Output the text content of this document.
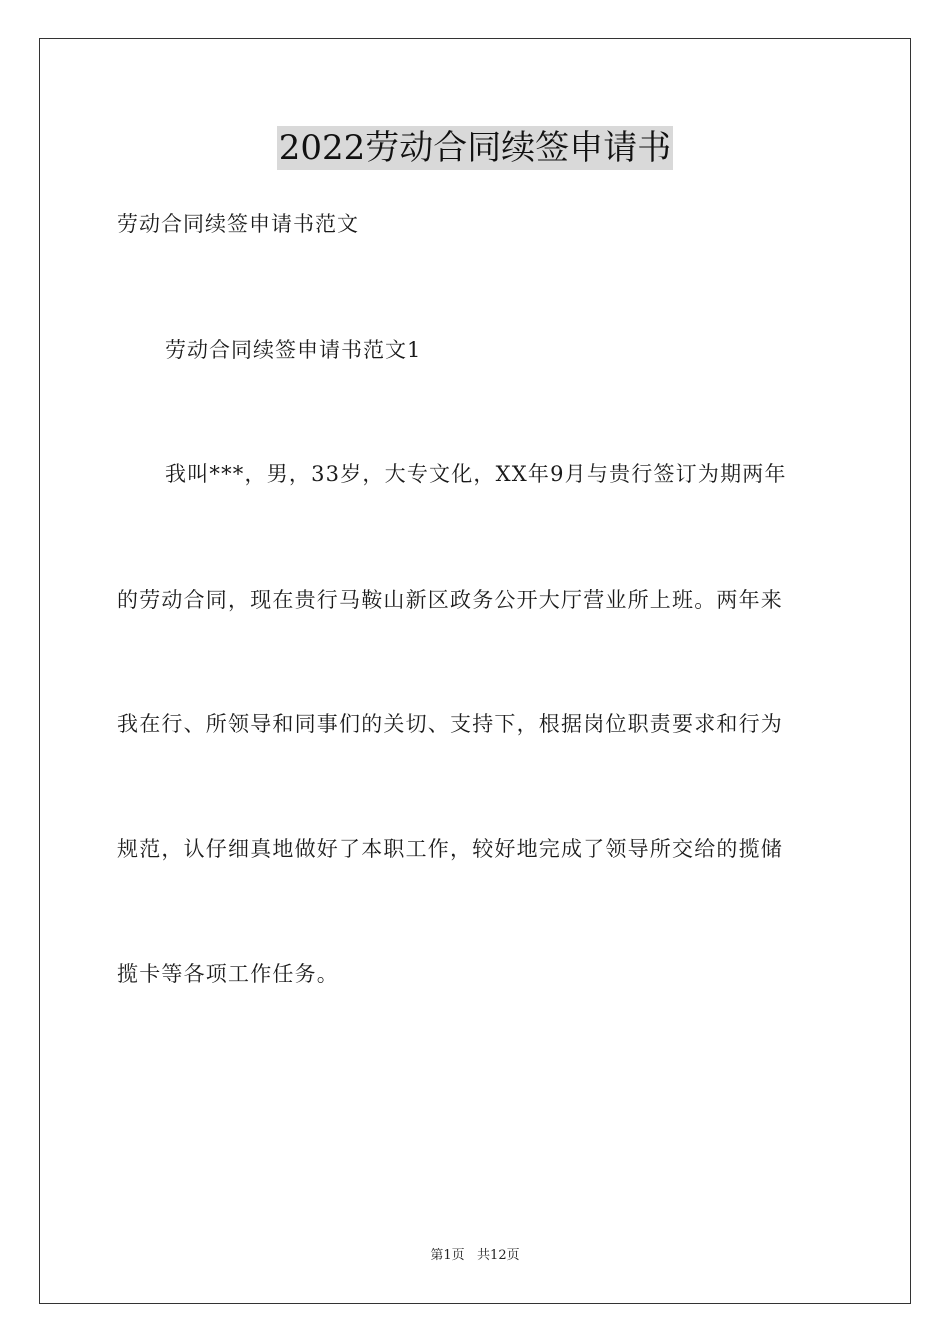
2022劳动合同续签申请书
劳动合同续签申请书范文
劳动合同续签申请书范文1
我叫***，男，33岁，大专文化，XX年9月与贵行签订为期两年
的劳动合同，现在贵行马鞍山新区政务公开大厅营业所上班。两年来
我在行、所领导和同事们的关切、支持下，根据岗位职责要求和行为
规范，认仔细真地做好了本职工作，较好地完成了领导所交给的揽储
揽卡等各项工作任务。
第1页   共12页
